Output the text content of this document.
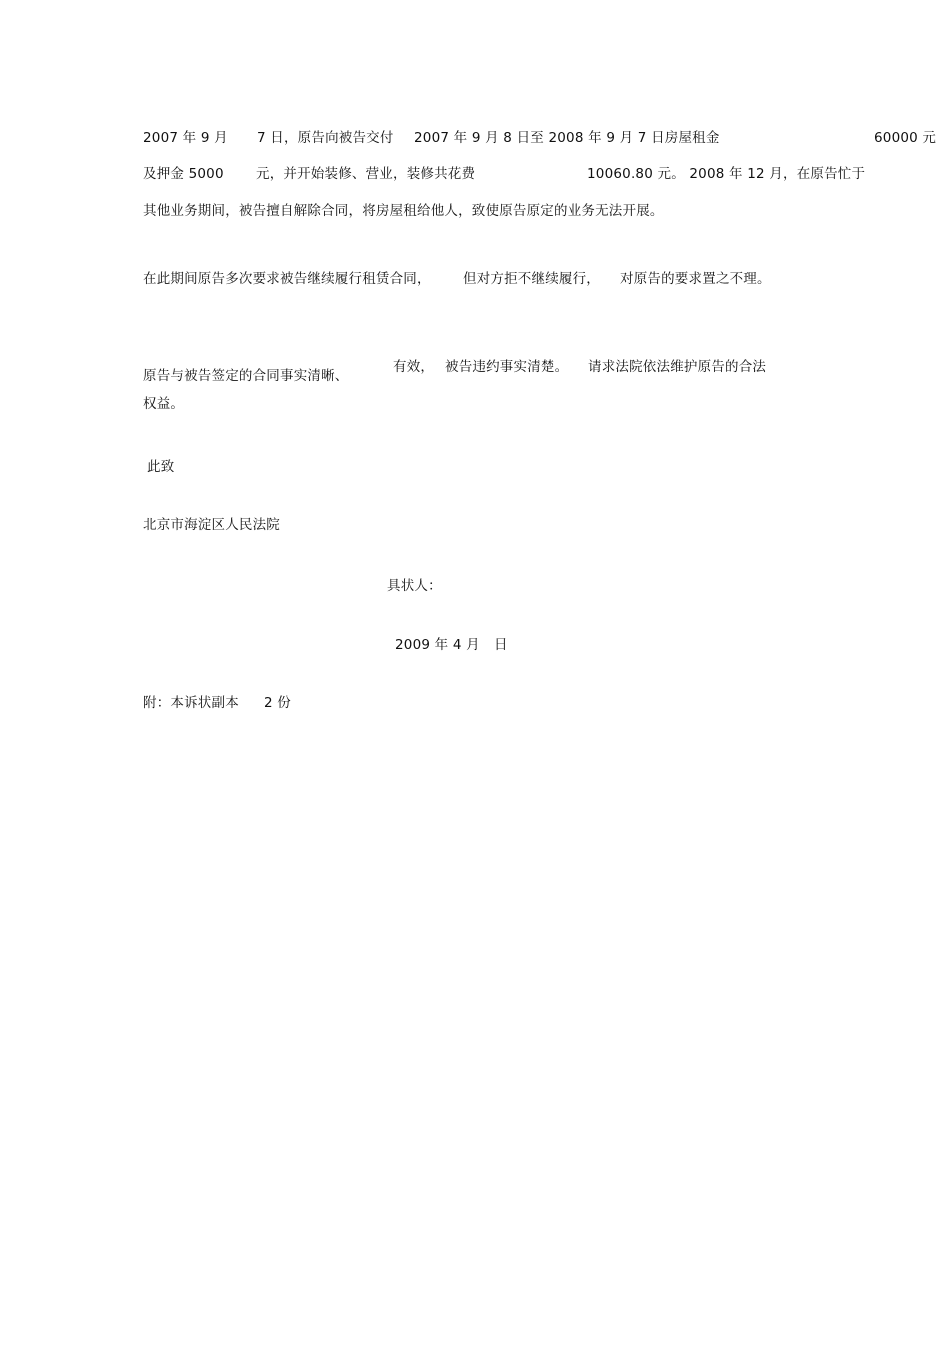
2007 年 9 月 7 日，原告向被告交付 2007 年 9 月 8 日至 2008 年 9 月 7 日房屋租金	60000 元
及押金 5000 元，并开始装修、营业，装修共花费	10060.80 元。 2008 年 12 月，在原告忙于
其他业务期间，被告擅自解除合同，将房屋租给他人，致使原告原定的业务无法开展。
在此期间原告多次要求被告继续履行租赁合同， 但对方拒不继续履行， 对原告的要求置之不理。
原告与被告签定的合同事实清晰、
有效， 被告违约事实清楚。 请求法院依法维护原告的合法
权益。
此致
北京市海淀区人民法院
具状人：
2009 年 4 月 日
附：本诉状副本 2 份
